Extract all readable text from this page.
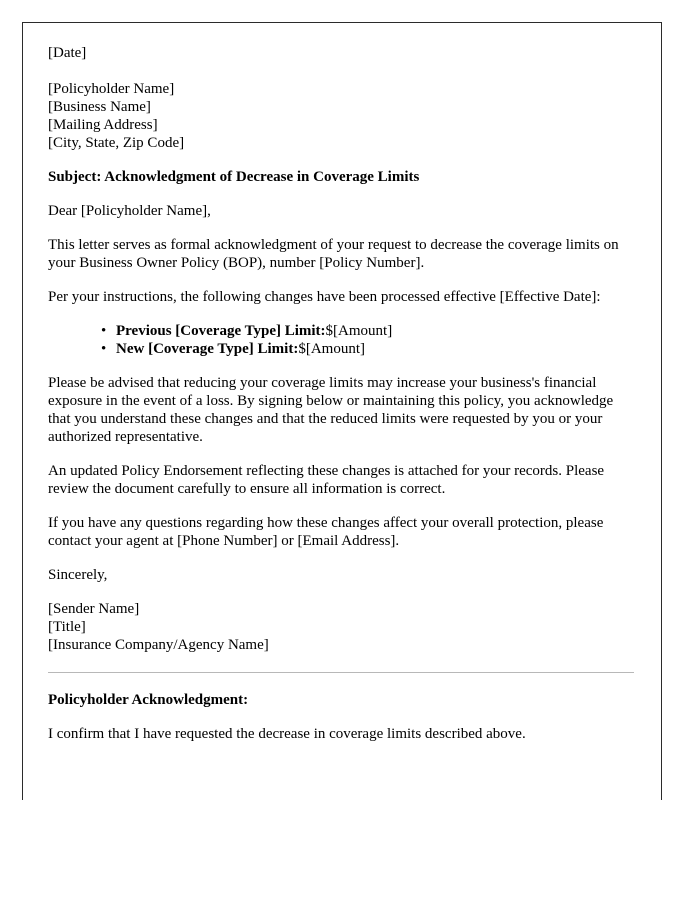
[Date]

[Policyholder Name]

[Business Name]

[Mailing Address]

[City, State, Zip Code]

Subject: Acknowledgment of Decrease in Coverage Limits

Dear [Policyholder Name],

This letter serves as formal acknowledgment of your request to decrease the coverage limits on your Business Owner Policy (BOP), number [Policy Number].

Per your instructions, the following changes have been processed effective [Effective Date]:

• Previous [Coverage Type] Limit:$[Amount]
• New [Coverage Type] Limit:$[Amount]

Please be advised that reducing your coverage limits may increase your business's financial exposure in the event of a loss. By signing below or maintaining this policy, you acknowledge that you understand these changes and that the reduced limits were requested by you or your authorized representative.

An updated Policy Endorsement reflecting these changes is attached for your records. Please review the document carefully to ensure all information is correct.

If you have any questions regarding how these changes affect your overall protection, please contact your agent at [Phone Number] or [Email Address].

Sincerely,

[Sender Name]

[Title]

[Insurance Company/Agency Name]

Policyholder Acknowledgment:

I confirm that I have requested the decrease in coverage limits described above.
